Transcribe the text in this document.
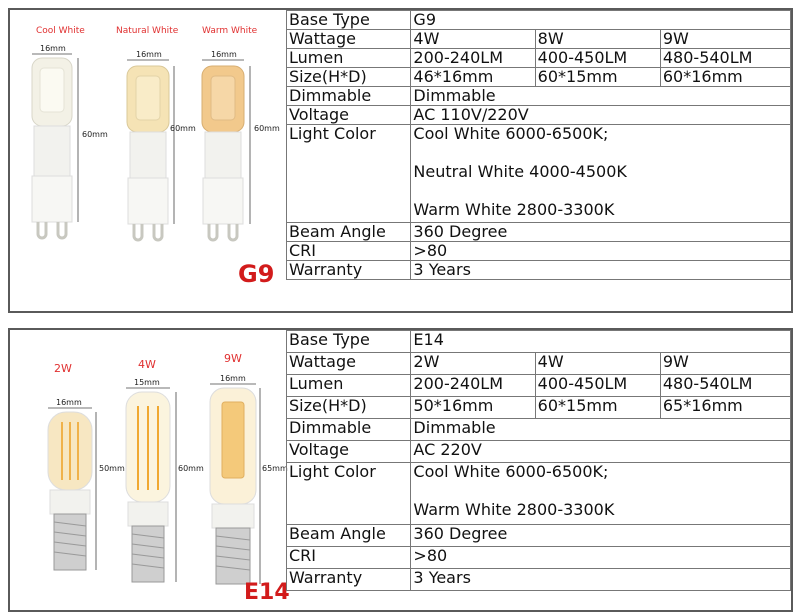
Cool White	Natural White	Warm White
16mm
16mm	16mm
60mm
60mm	60mm
G9
Base Type	G9		
Wattage	4W	8W	9W
Lumen	200-240LM	400-450LM	480-540LM
Size(H*D)	46*16mm	60*15mm	60*16mm
Dimmable	Dimmable		
Voltage	AC 110V/220V		
Light Color	Cool White 6000-6500K;
Neutral White 4000-4500K
Warm White 2800-3300K		

Beam Angle	360 Degree		
CRI	>80		
Warranty	3 Years		
2W	4W	9W
16mm
15mm	16mm
50mm	60mm	65mm
E14
Base Type	E14		
Wattage	2W	4W	9W
Lumen	200-240LM	400-450LM	480-540LM
Size(H*D)	50*16mm	60*15mm	65*16mm
Dimmable	Dimmable		
Voltage	AC 220V		
Light Color	Cool White 6000-6500K;
Warm White 2800-3300K		

Beam Angle	360 Degree		
CRI	>80		
Warranty	3 Years		
